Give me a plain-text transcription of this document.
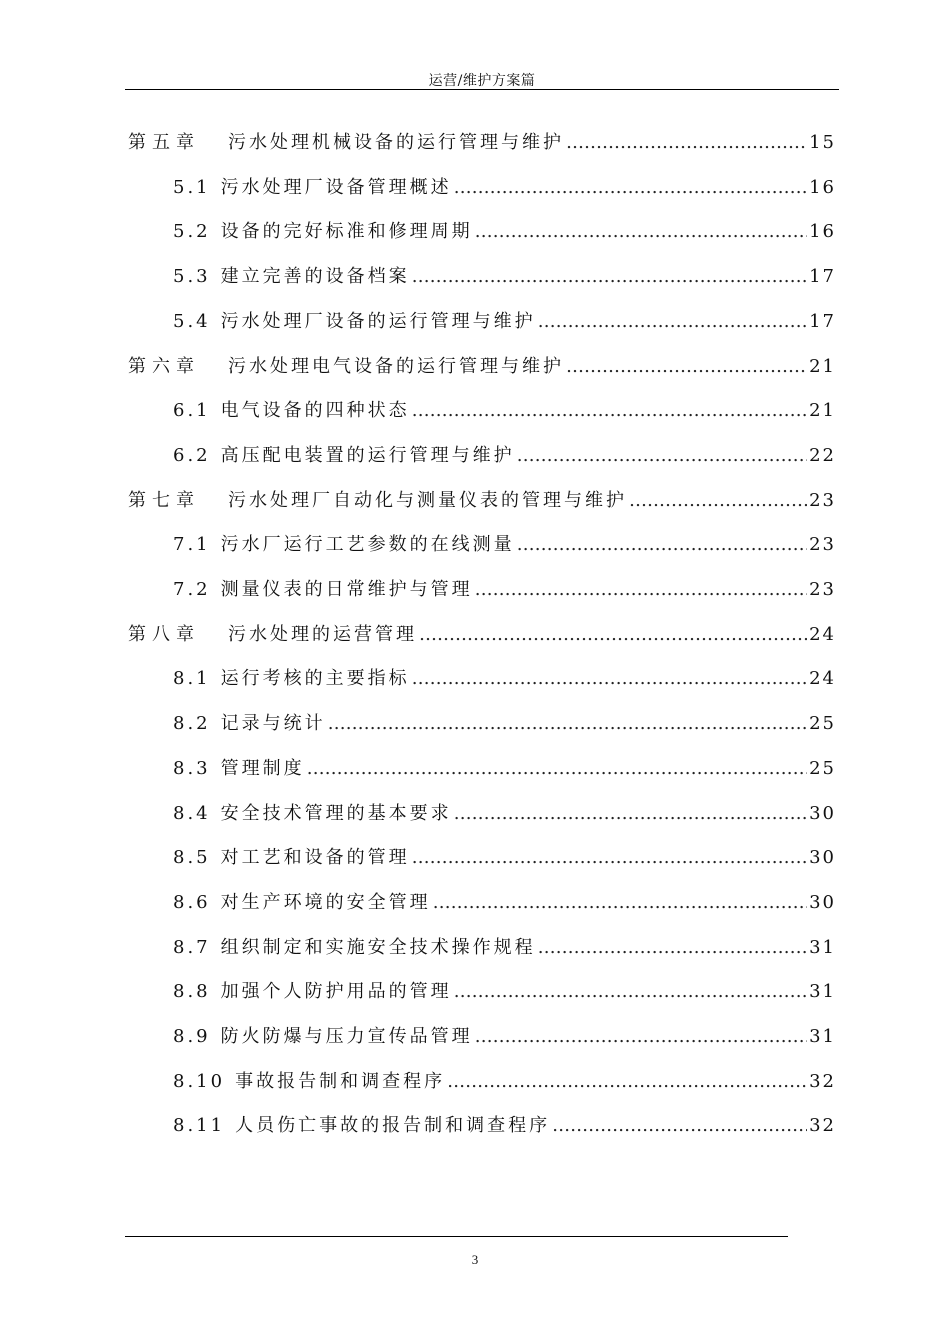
运营/维护方案篇
第五章 污水处理机械设备的运行管理与维护 …………………………………………………………………………………………………………………………………………………………………	15
5.1 污水处理厂设备管理概述 …………………………………………………………………………………………………………………………………………………………………	16
5.2 设备的完好标准和修理周期 …………………………………………………………………………………………………………………………………………………………………	16
5.3 建立完善的设备档案 …………………………………………………………………………………………………………………………………………………………………	17
5.4 污水处理厂设备的运行管理与维护 …………………………………………………………………………………………………………………………………………………………………	17
第六章 污水处理电气设备的运行管理与维护 …………………………………………………………………………………………………………………………………………………………………	21
6.1 电气设备的四种状态 …………………………………………………………………………………………………………………………………………………………………	21
6.2 高压配电装置的运行管理与维护 …………………………………………………………………………………………………………………………………………………………………	22
第七章 污水处理厂自动化与测量仪表的管理与维护 …………………………………………………………………………………………………………………………………………………………………	23
7.1 污水厂运行工艺参数的在线测量 …………………………………………………………………………………………………………………………………………………………………	23
7.2 测量仪表的日常维护与管理 …………………………………………………………………………………………………………………………………………………………………	23
第八章 污水处理的运营管理 …………………………………………………………………………………………………………………………………………………………………	24
8.1 运行考核的主要指标 …………………………………………………………………………………………………………………………………………………………………	24
8.2 记录与统计 …………………………………………………………………………………………………………………………………………………………………	25
8.3 管理制度 …………………………………………………………………………………………………………………………………………………………………	25
8.4 安全技术管理的基本要求 …………………………………………………………………………………………………………………………………………………………………	30
8.5 对工艺和设备的管理 …………………………………………………………………………………………………………………………………………………………………	30
8.6 对生产环境的安全管理 …………………………………………………………………………………………………………………………………………………………………	30
8.7 组织制定和实施安全技术操作规程 …………………………………………………………………………………………………………………………………………………………………	31
8.8 加强个人防护用品的管理 …………………………………………………………………………………………………………………………………………………………………	31
8.9 防火防爆与压力宣传品管理 …………………………………………………………………………………………………………………………………………………………………	31
8.10 事故报告制和调查程序 …………………………………………………………………………………………………………………………………………………………………	32
8.11 人员伤亡事故的报告制和调查程序 …………………………………………………………………………………………………………………………………………………………………	32
3
